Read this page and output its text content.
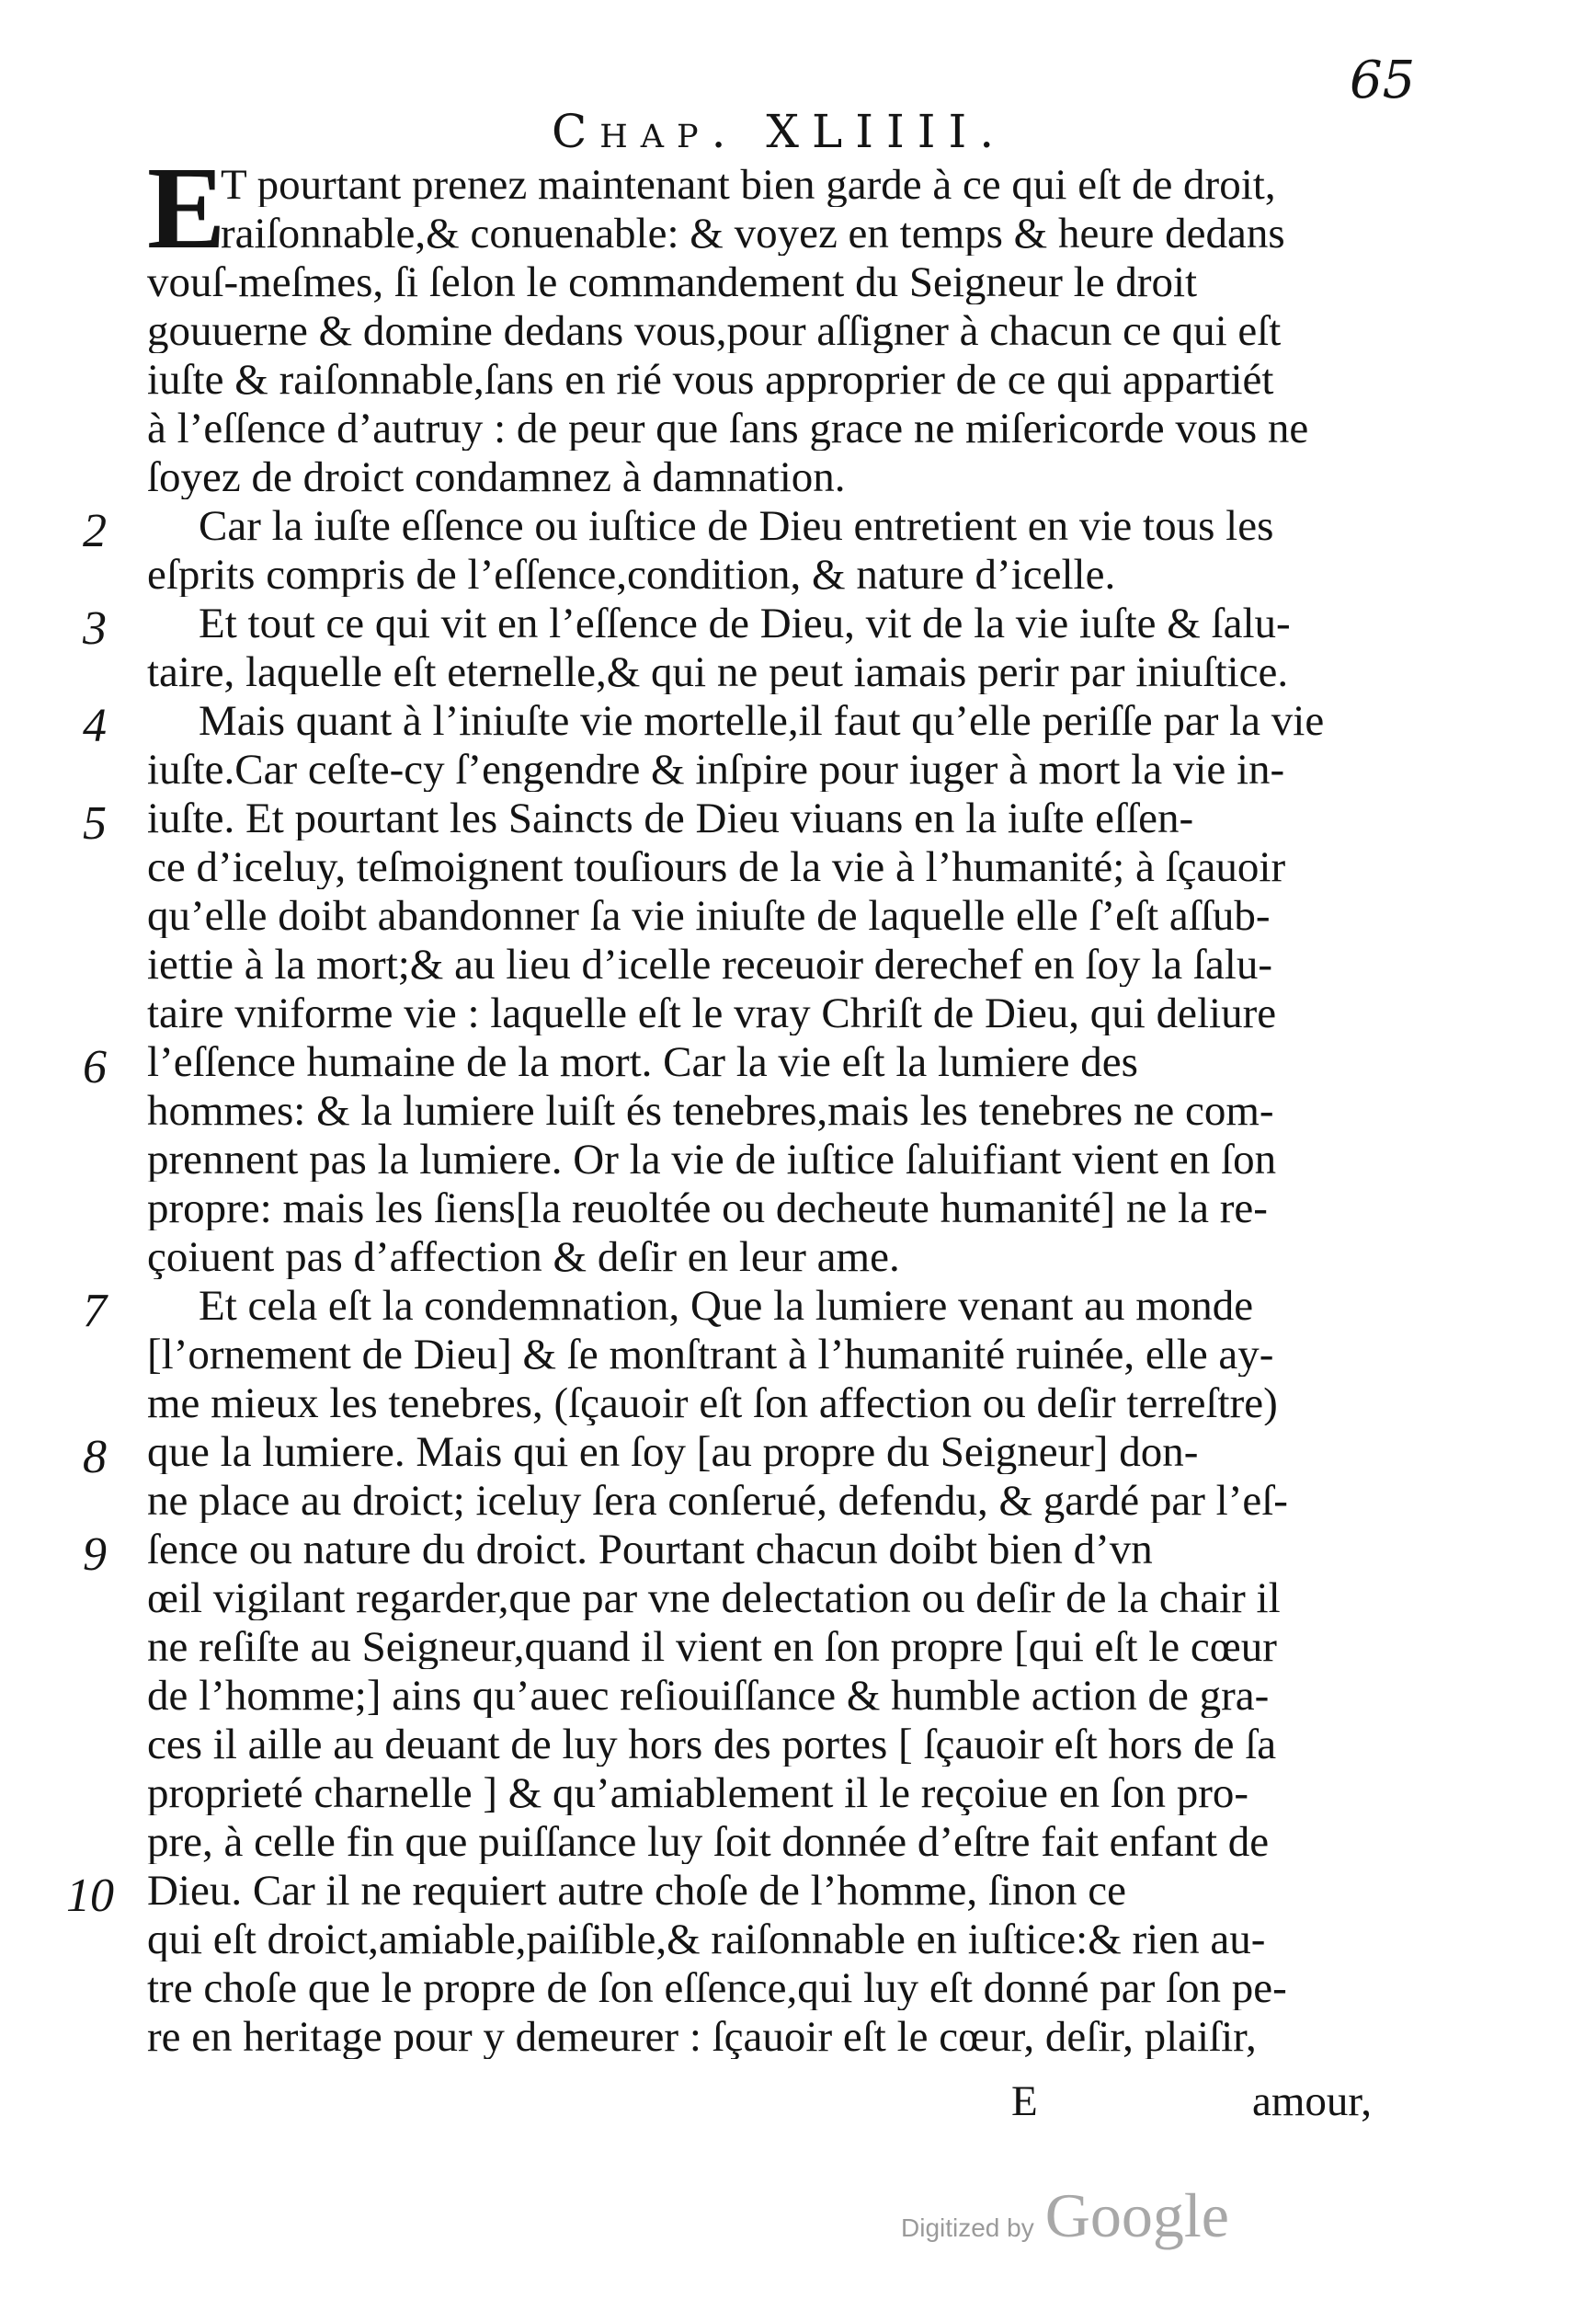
65
Chap. XLIIII.
E
T pourtant prenez maintenant bien garde à ce qui eſt de droit,
raiſonnable,& conuenable: & voyez en temps & heure dedans
vouſ-meſmes, ſi ſelon le commandement du Seigneur le droit
gouuerne & domine dedans vous,pour aſſigner à chacun ce qui eſt
iuſte & raiſonnable,ſans en rié vous approprier de ce qui appartiét
à l’eſſence d’autruy : de peur que ſans grace ne miſericorde vous ne
ſoyez de droict condamnez à damnation.
Car la iuſte eſſence ou iuſtice de Dieu entretient en vie tous les
eſprits compris de l’eſſence,condition, & nature d’icelle.
Et tout ce qui vit en l’eſſence de Dieu, vit de la vie iuſte & ſalu-
taire, laquelle eſt eternelle,& qui ne peut iamais perir par iniuſtice.
Mais quant à l’iniuſte vie mortelle,il faut qu’elle periſſe par la vie
iuſte.Car ceſte-cy ſ’engendre & inſpire pour iuger à mort la vie in-
iuſte. Et pourtant les Saincts de Dieu viuans en la iuſte eſſen-
ce d’iceluy, teſmoignent touſiours de la vie à l’humanité; à ſçauoir
qu’elle doibt abandonner ſa vie iniuſte de laquelle elle ſ’eſt aſſub-
iettie à la mort;& au lieu d’icelle receuoir derechef en ſoy la ſalu-
taire vniforme vie : laquelle eſt le vray Chriſt de Dieu, qui deliure
l’eſſence humaine de la mort. Car la vie eſt la lumiere des
hommes: & la lumiere luiſt és tenebres,mais les tenebres ne com-
prennent pas la lumiere. Or la vie de iuſtice ſaluifiant vient en ſon
propre: mais les ſiens[la reuoltée ou decheute humanité] ne la re-
çoiuent pas d’affection & deſir en leur ame.
Et cela eſt la condemnation, Que la lumiere venant au monde
[l’ornement de Dieu] & ſe monſtrant à l’humanité ruinée, elle ay-
me mieux les tenebres, (ſçauoir eſt ſon affection ou deſir terreſtre)
que la lumiere. Mais qui en ſoy [au propre du Seigneur] don-
ne place au droict; iceluy ſera conſerué, defendu, & gardé par l’eſ-
ſence ou nature du droict. Pourtant chacun doibt bien d’vn
œil vigilant regarder,que par vne delectation ou deſir de la chair il
ne reſiſte au Seigneur,quand il vient en ſon propre [qui eſt le cœur
de l’homme;] ains qu’auec reſiouiſſance & humble action de gra-
ces il aille au deuant de luy hors des portes [ ſçauoir eſt hors de ſa
proprieté charnelle ] & qu’amiablement il le reçoiue en ſon pro-
pre, à celle fin que puiſſance luy ſoit donnée d’eſtre fait enfant de
Dieu. Car il ne requiert autre choſe de l’homme, ſinon ce
qui eſt droict,amiable,paiſible,& raiſonnable en iuſtice:& rien au-
tre choſe que le propre de ſon eſſence,qui luy eſt donné par ſon pe-
re en heritage pour y demeurer : ſçauoir eſt le cœur, deſir, plaiſir,
2
3
4
5
6
7
8
9
10
E	amour,
Digitized by Google
